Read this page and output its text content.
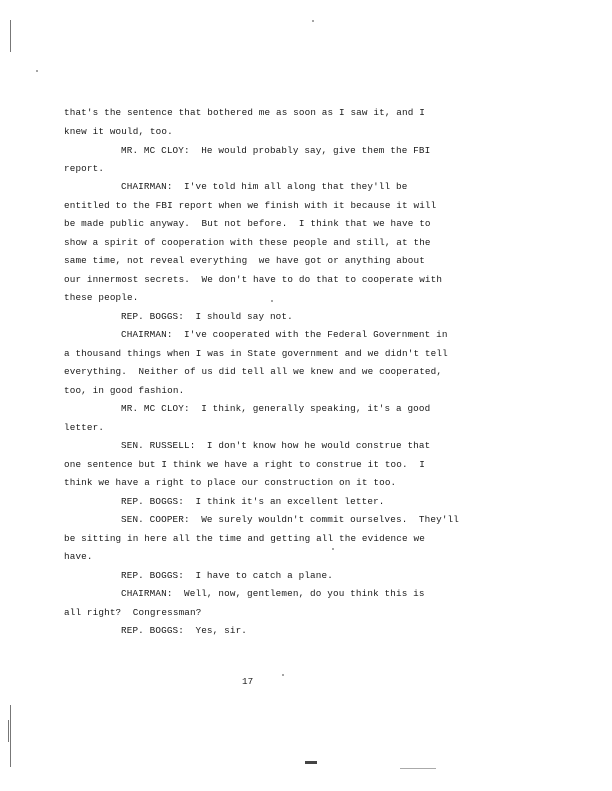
that's the sentence that bothered me as soon as I saw it, and I
knew it would, too.
MR. MC CLOY:  He would probably say, give them the FBI
report.
CHAIRMAN:  I've told him all along that they'll be
entitled to the FBI report when we finish with it because it will
be made public anyway.  But not before.  I think that we have to
show a spirit of cooperation with these people and still, at the
same time, not reveal everything  we have got or anything about
our innermost secrets.  We don't have to do that to cooperate with
these people.
REP. BOGGS:  I should say not.
CHAIRMAN:  I've cooperated with the Federal Government in
a thousand things when I was in State government and we didn't tell
everything.  Neither of us did tell all we knew and we cooperated,
too, in good fashion.
MR. MC CLOY:  I think, generally speaking, it's a good
letter.
SEN. RUSSELL:  I don't know how he would construe that
one sentence but I think we have a right to construe it too.  I
think we have a right to place our construction on it too.
REP. BOGGS:  I think it's an excellent letter.
SEN. COOPER:  We surely wouldn't commit ourselves.  They'll
be sitting in here all the time and getting all the evidence we
have.
REP. BOGGS:  I have to catch a plane.
CHAIRMAN:  Well, now, gentlemen, do you think this is
all right?  Congressman?
REP. BOGGS:  Yes, sir.
17
